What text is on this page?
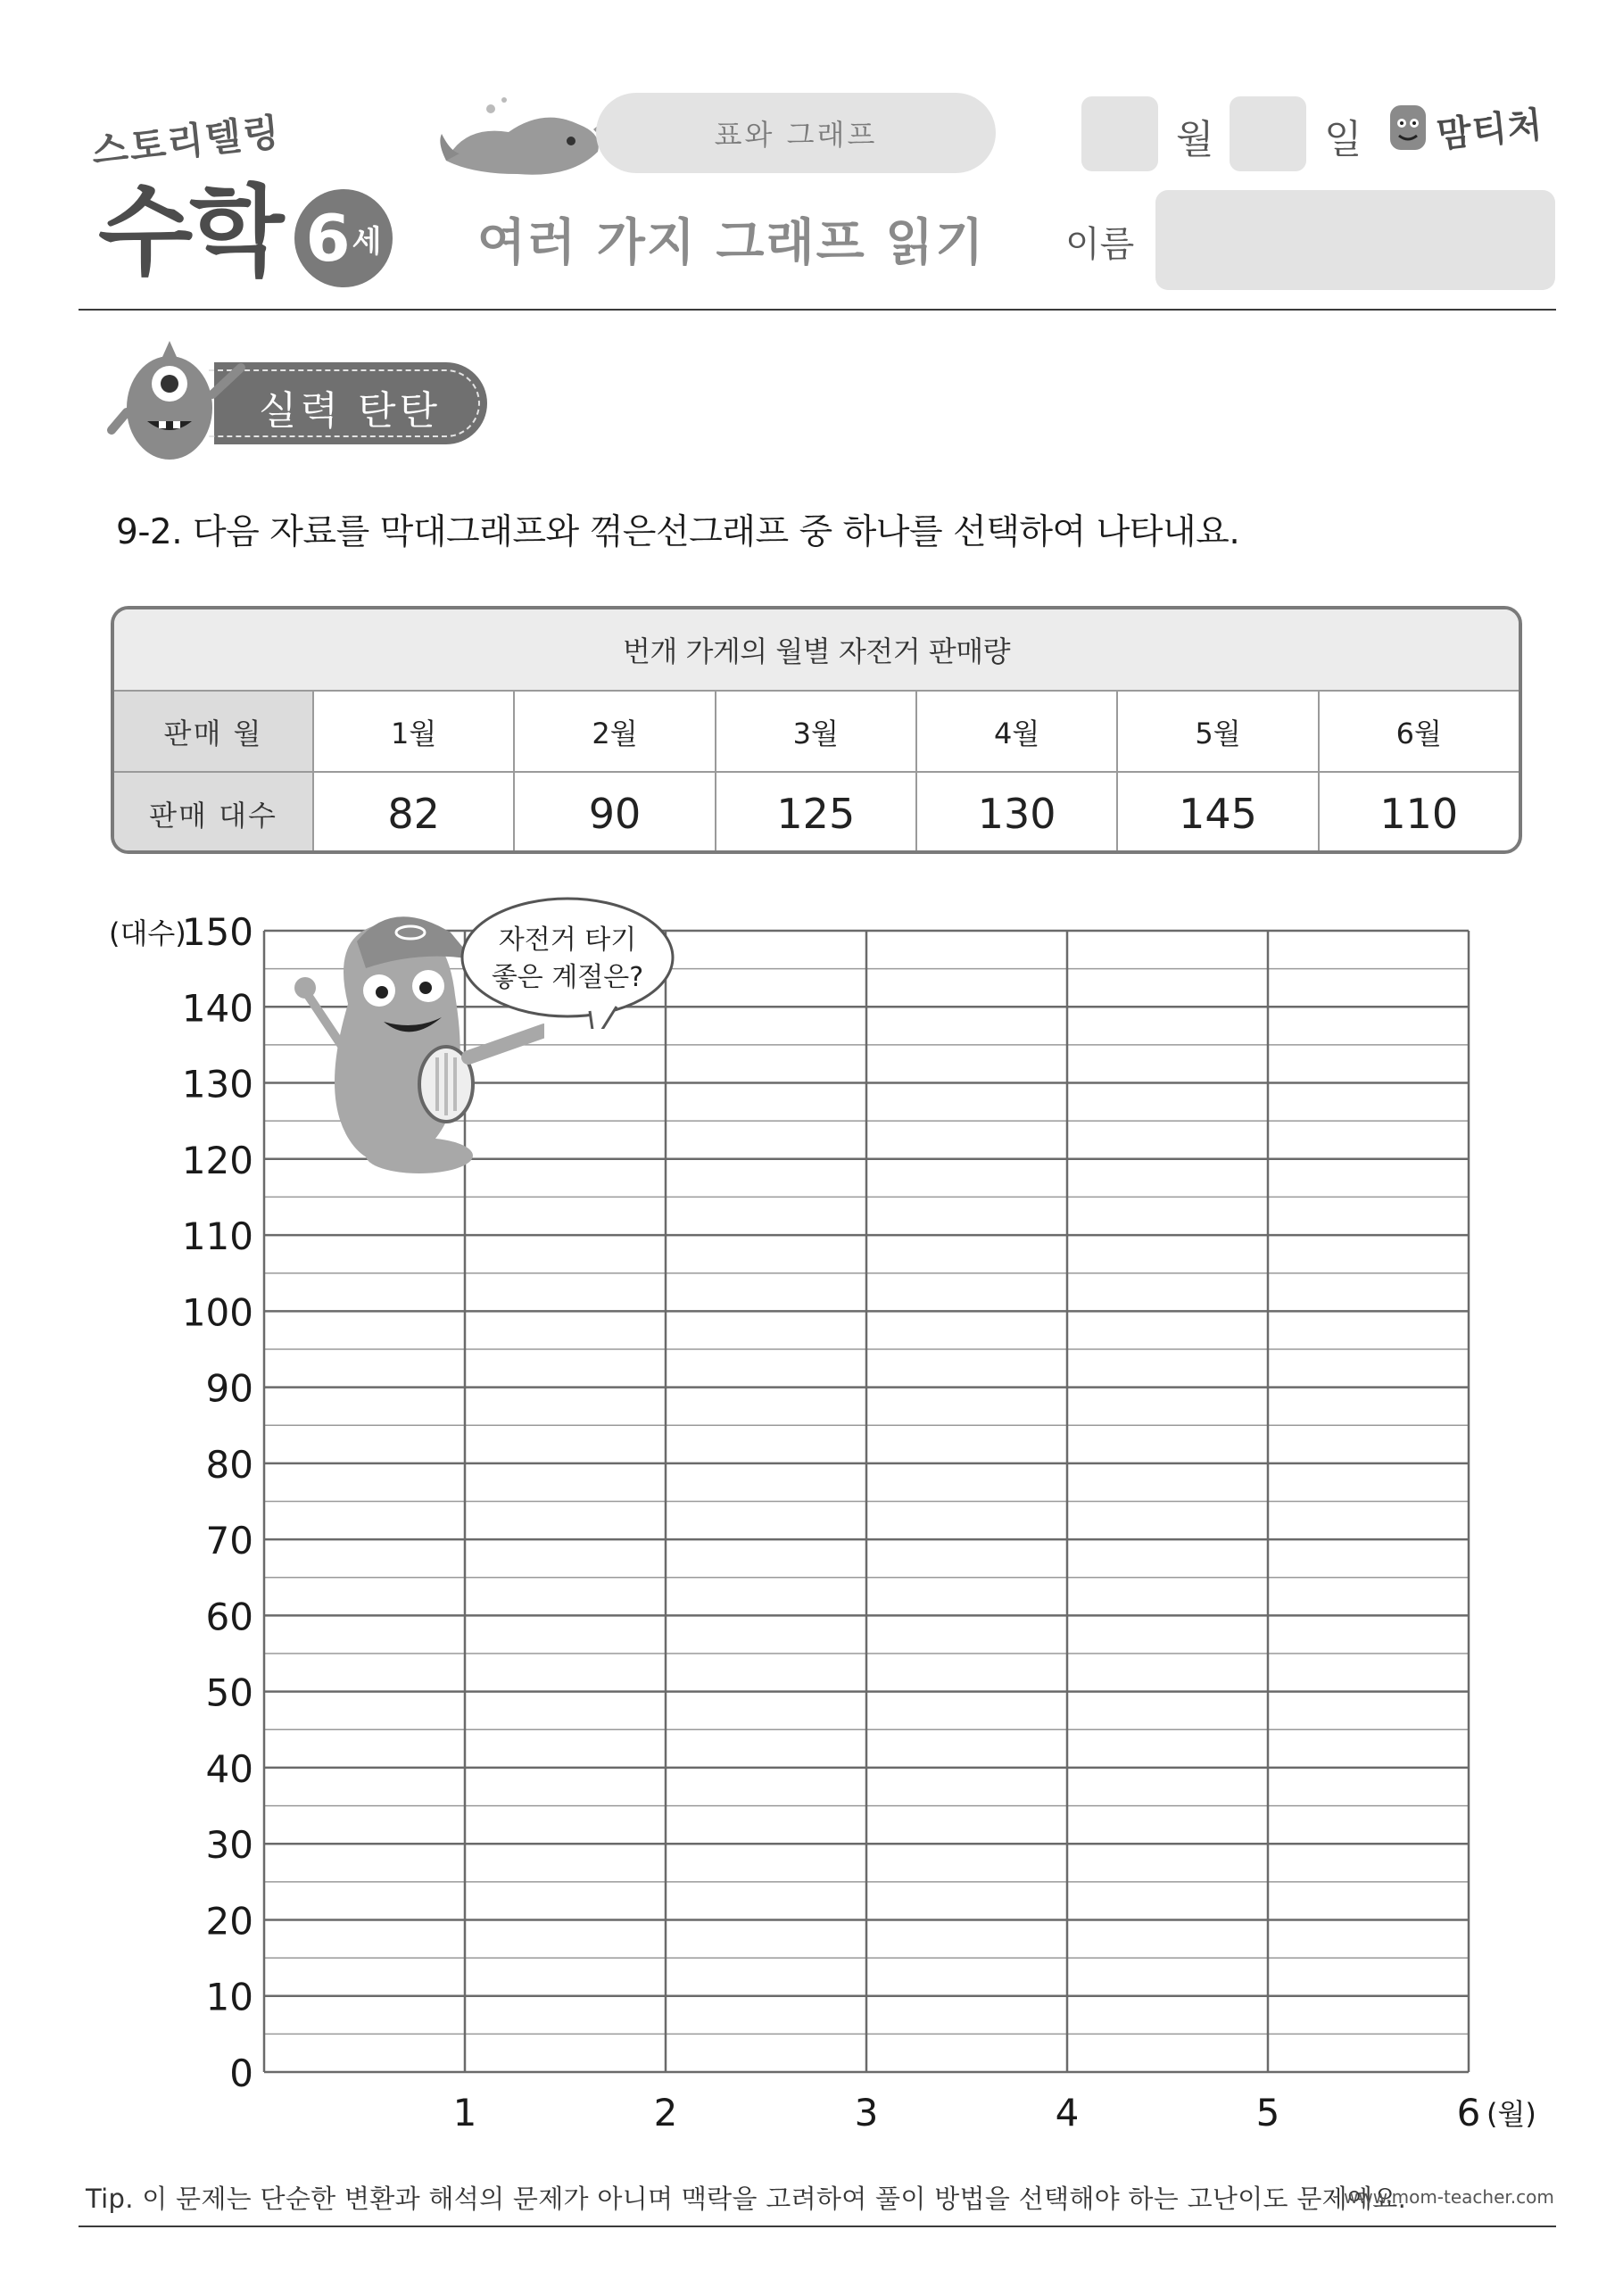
스토리텔링
수학 6 세
표와 그래프
여러 가지 그래프 읽기
월	일 맘티처
이름
실력 탄탄
9-2. 다음 자료를 막대그래프와 꺾은선그래프 중 하나를 선택하여 나타내요.
번개 가게의 월별 자전거 판매량
판매 월	1월	2월	3월	4월	5월	6월
판매 대수	82	90	125	130	145	110
0
10
20
30
40
50
60
70
80
90
100
110
120
130
140
150
1	2	3	4	5	6
(대수)
(월)
자전거 타기
좋은 계절은?
Tip. 이 문제는 단순한 변환과 해석의 문제가 아니며 맥락을 고려하여 풀이 방법을 선택해야 하는 고난이도 문제예요.
www.mom-teacher.com
